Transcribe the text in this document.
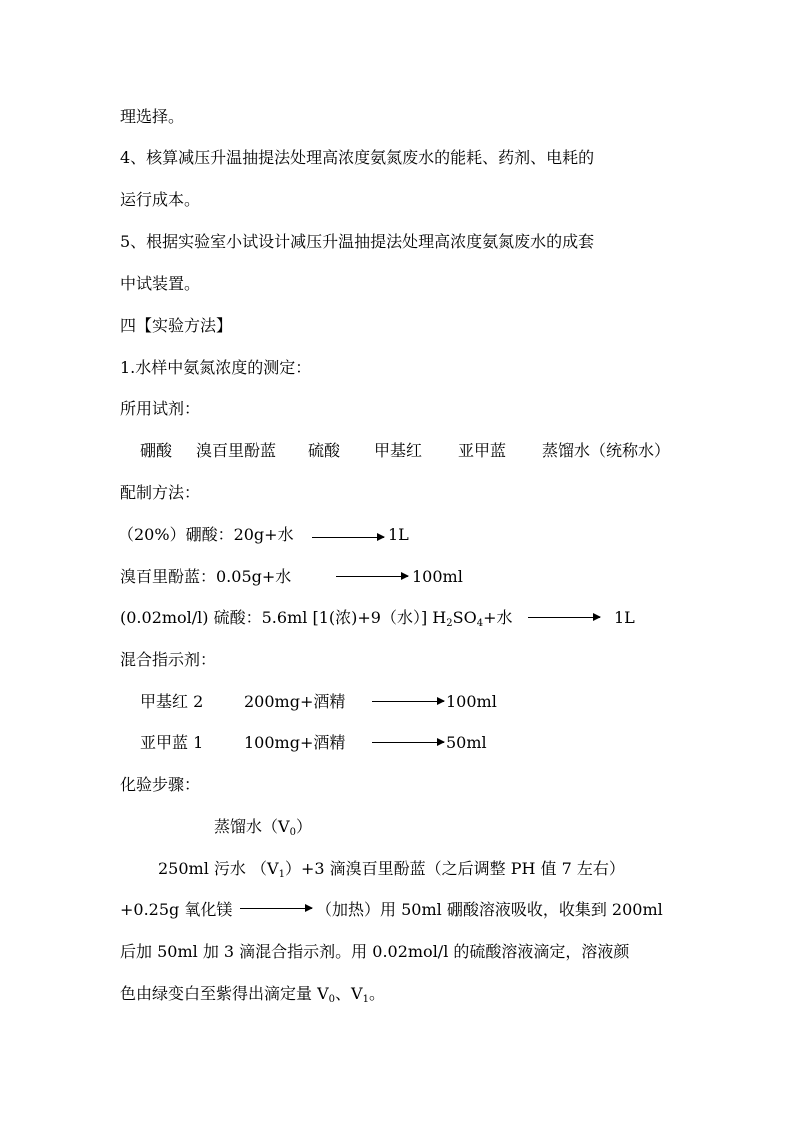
理选择。
4、核算减压升温抽提法处理高浓度氨氮废水的能耗、药剂、电耗的
运行成本。
5、根据实验室小试设计减压升温抽提法处理高浓度氨氮废水的成套
中试装置。
四【实验方法】
1.水样中氨氮浓度的测定：
所用试剂：
硼酸 溴百里酚蓝 硫酸 甲基红 亚甲蓝 蒸馏水（统称水）
配制方法：
（20%）硼酸：20g+水	1L
溴百里酚蓝：0.05g+水	100ml
(0.02mol/l) 硫酸：5.6ml [1(浓)+9（水）] $H_2SO_4+$水	1L
混合指示剂：
甲基红 2	200mg+酒精	100ml
亚甲蓝 1	100mg+酒精	50ml
化验步骤：
蒸馏水$(V_0)$
250ml 污水 $(V_1)+3$ 滴溴百里酚蓝（之后调整 PH 值 7 左右）
+0.25g 氧化镁	（加热）用 50ml 硼酸溶液吸收，收集到 200ml
后加 50ml 加 3 滴混合指示剂。用 0.02mol/l 的硫酸溶液滴定，溶液颜
色由绿变白至紫得出滴定量 $V_0$、$V_1$。
